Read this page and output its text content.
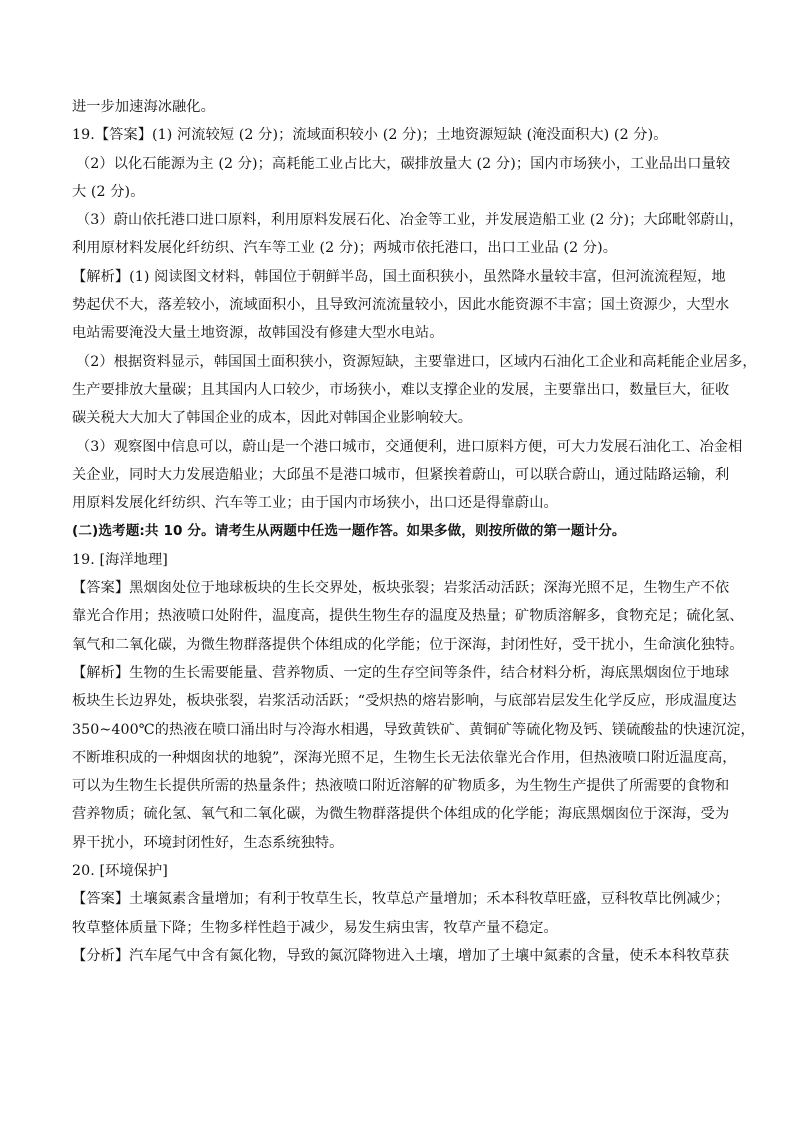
进一步加速海冰融化。
19.【答案】(1) 河流较短 (2 分)；流域面积较小 (2 分)；土地资源短缺 (淹没面积大) (2 分)。
（2）以化石能源为主 (2 分)；高耗能工业占比大，碳排放量大 (2 分)；国内市场狭小，工业品出口量较
大 (2 分)。
（3）蔚山依托港口进口原料，利用原料发展石化、冶金等工业，并发展造船工业 (2 分)；大邱毗邻蔚山，
利用原材料发展化纤纺织、汽车等工业 (2 分)；两城市依托港口，出口工业品 (2 分)。
【解析】(1) 阅读图文材料，韩国位于朝鲜半岛，国土面积狭小，虽然降水量较丰富，但河流流程短，地
势起伏不大，落差较小，流域面积小，且导致河流流量较小，因此水能资源不丰富；国土资源少，大型水
电站需要淹没大量土地资源，故韩国没有修建大型水电站。
（2）根据资料显示，韩国国土面积狭小，资源短缺，主要靠进口，区域内石油化工企业和高耗能企业居多，
生产要排放大量碳；且其国内人口较少，市场狭小，难以支撑企业的发展，主要靠出口，数量巨大，征收
碳关税大大加大了韩国企业的成本，因此对韩国企业影响较大。
（3）观察图中信息可以，蔚山是一个港口城市，交通便利，进口原料方便，可大力发展石油化工、冶金相
关企业，同时大力发展造船业；大邱虽不是港口城市，但紧挨着蔚山，可以联合蔚山，通过陆路运输，利
用原料发展化纤纺织、汽车等工业；由于国内市场狭小，出口还是得靠蔚山。
(二)选考题:共 10 分。请考生从两题中任选一题作答。如果多做，则按所做的第一题计分。
19. [海洋地理]
【答案】黑烟囱处位于地球板块的生长交界处，板块张裂；岩浆活动活跃；深海光照不足，生物生产不依
靠光合作用；热液喷口处附件，温度高，提供生物生存的温度及热量；矿物质溶解多，食物充足；硫化氢、
氧气和二氧化碳，为微生物群落提供个体组成的化学能；位于深海，封闭性好，受干扰小，生命演化独特。
【解析】生物的生长需要能量、营养物质、一定的生存空间等条件，结合材料分析，海底黑烟囱位于地球
板块生长边界处，板块张裂，岩浆活动活跃；“受炽热的熔岩影响，与底部岩层发生化学反应，形成温度达
350~400℃的热液在喷口涌出时与冷海水相遇，导致黄铁矿、黄铜矿等硫化物及钙、镁硫酸盐的快速沉淀，
不断堆积成的一种烟囱状的地貌”，深海光照不足，生物生长无法依靠光合作用，但热液喷口附近温度高，
可以为生物生长提供所需的热量条件；热液喷口附近溶解的矿物质多，为生物生产提供了所需要的食物和
营养物质；硫化氢、氧气和二氧化碳，为微生物群落提供个体组成的化学能；海底黑烟囱位于深海，受为
界干扰小，环境封闭性好，生态系统独特。
20. [环境保护]
【答案】土壤氮素含量增加；有利于牧草生长，牧草总产量增加；禾本科牧草旺盛，豆科牧草比例减少；
牧草整体质量下降；生物多样性趋于减少，易发生病虫害，牧草产量不稳定。
【分析】汽车尾气中含有氮化物，导致的氮沉降物进入土壤，增加了土壤中氮素的含量，使禾本科牧草获
